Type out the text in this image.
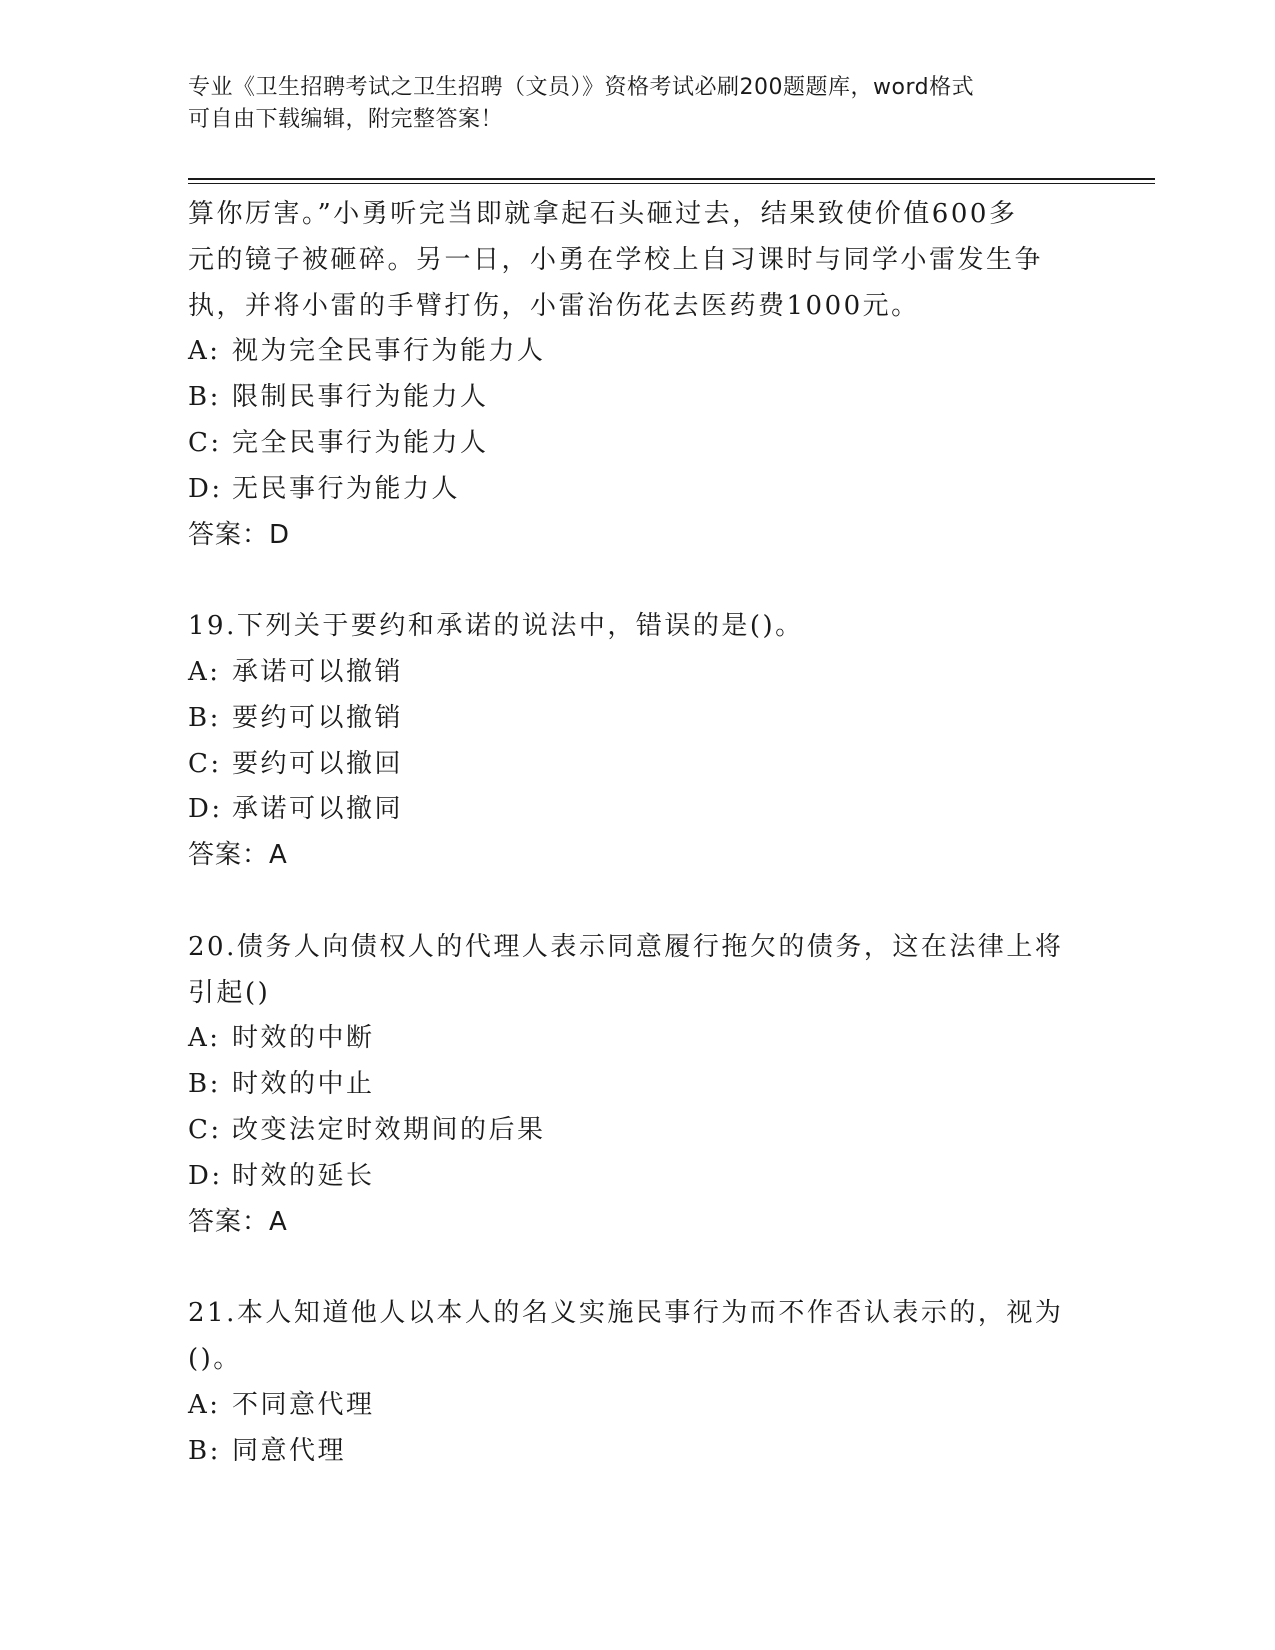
专业《卫生招聘考试之卫生招聘（文员）》资格考试必刷200题题库，word格式
可自由下载编辑，附完整答案！
算你厉害。”小勇听完当即就拿起石头砸过去，结果致使价值600多
元的镜子被砸碎。另一日，小勇在学校上自习课时与同学小雷发生争
执，并将小雷的手臂打伤，小雷治伤花去医药费1000元。
A: 视为完全民事行为能力人
B: 限制民事行为能力人
C: 完全民事行为能力人
D: 无民事行为能力人
答案：D
19.下列关于要约和承诺的说法中，错误的是()。
A: 承诺可以撤销
B: 要约可以撤销
C: 要约可以撤回
D: 承诺可以撤同
答案：A
20.债务人向债权人的代理人表示同意履行拖欠的债务，这在法律上将
引起()
A: 时效的中断
B: 时效的中止
C: 改变法定时效期间的后果
D: 时效的延长
答案：A
21.本人知道他人以本人的名义实施民事行为而不作否认表示的，视为
()。
A: 不同意代理
B: 同意代理
